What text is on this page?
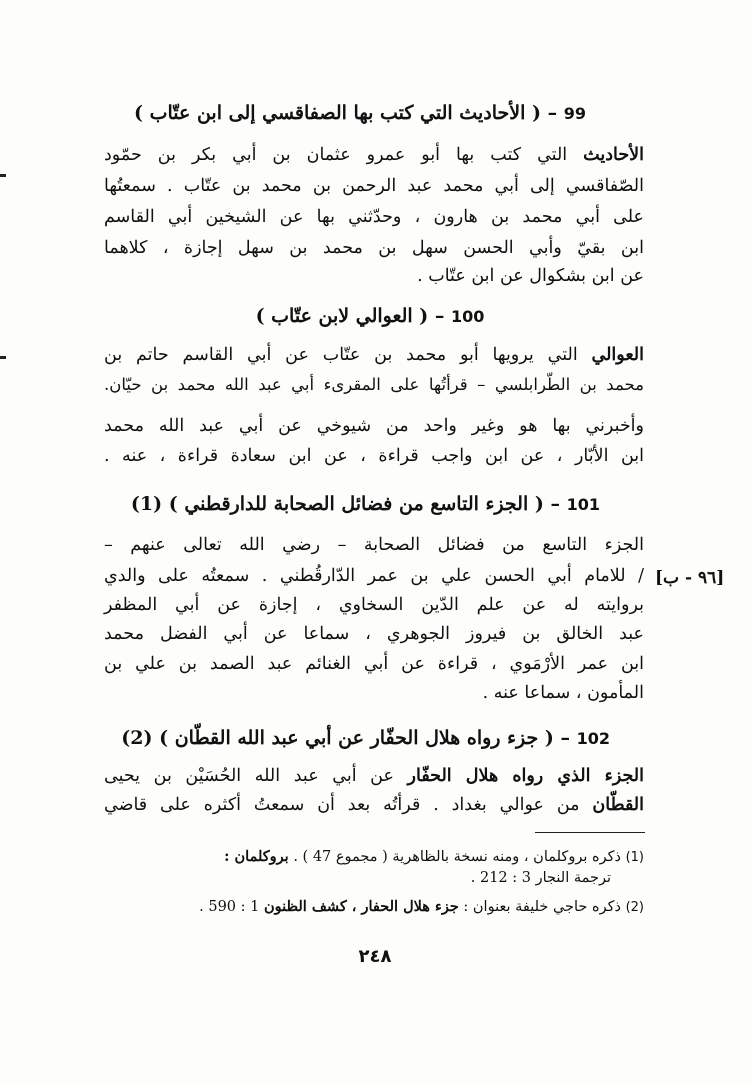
99 – ( الأحاديث التي كتب بها الصفاقسي إلى ابن عتّاب )
الأحاديث التي كتب بها أبو عمرو عثمان بن أبي بكر بن حمّود
الصّفاقسي إلى أبي محمد عبد الرحمن بن محمد بن عتّاب . سمعتُها
على أبي محمد بن هارون ، وحدّثني بها عن الشيخين أبي القاسم
ابن بقيّ وأبي الحسن سهل بن محمد بن سهل إجازة ، كلاهما
عن ابن بشكوال عن ابن عتّاب .
100 – ( العوالي لابن عتّاب )
العوالي التي يرويها أبو محمد بن عتّاب عن أبي القاسم حاتم بن
محمد بن الطّرابلسي – قرأتُها على المقرىء أبي عبد الله محمد بن حيّان.
وأخبرني بها هو وغير واحد من شيوخي عن أبي عبد الله محمد
ابن الأبّار ، عن ابن واجب قراءة ، عن ابن سعادة قراءة ، عنه .
101 – ( الجزء التاسع من فضائل الصحابة للدارقطني ) (1)
الجزء التاسع من فضائل الصحابة – رضي الله تعالى عنهم –
/ للامام أبي الحسن علي بن عمر الدّارقُطني . سمعتُه على والدي
بروايته له عن علم الدّين السخاوي ، إجازة عن أبي المظفر
عبد الخالق بن فيروز الجوهري ، سماعا عن أبي الفضل محمد
ابن عمر الأرْمَوي ، قراءة عن أبي الغنائم عبد الصمد بن علي بن
المأمون ، سماعا عنه .
[٩٦ - ب]
102 – ( جزء رواه هلال الحفّار عن أبي عبد الله القطّان ) (2)
الجزء الذي رواه هلال الحفّار عن أبي عبد الله الحُسَيْن بن يحيى
القطّان من عوالي بغداد . قرأتُه بعد أن سمعتُ أكثره على قاضي
(1) ذكره بروكلمان ، ومنه نسخة بالظاهرية ( مجموع 47 ) . بروكلمان :
ترجمة النجار 3 : 212 .
(2) ذكره حاجي خليفة بعنوان : جزء هلال الحفار ، كشف الظنون 1 : 590 .
٢٤٨
